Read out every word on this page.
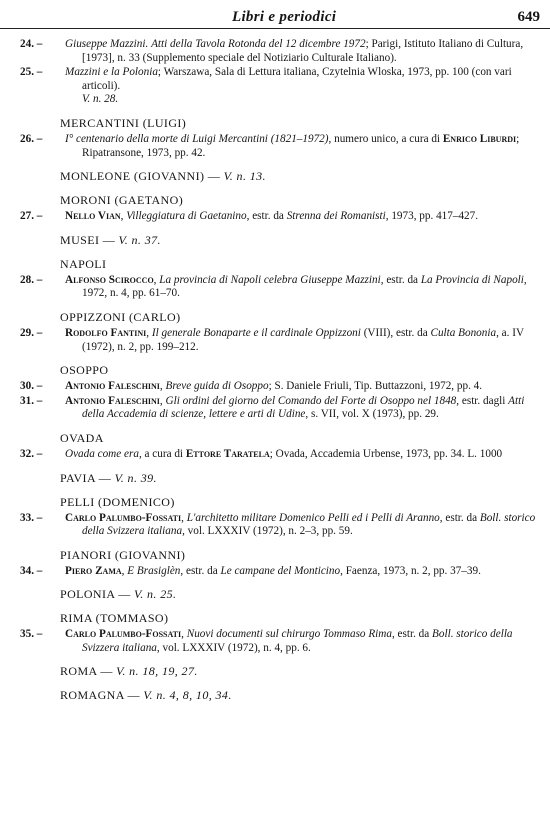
Libri e periodici	649
24. –	Giuseppe Mazzini. Atti della Tavola Rotonda del 12 dicembre 1972; Parigi, Istituto Italiano di Cultura, [1973], n. 33 (Supplemento speciale del Notiziario Culturale Italiano).
25. –	Mazzini e la Polonia; Warszawa, Sala di Lettura italiana, Czytelnia Wloska, 1973, pp. 100 (con vari articoli).
V. n. 28.
MERCANTINI (LUIGI)
26. –	I° centenario della morte di Luigi Mercantini (1821–1972), numero unico, a cura di Enrico Liburdi; Ripatransone, 1973, pp. 42.
MONLEONE (GIOVANNI) — V. n. 13.
MORONI (GAETANO)
27. –	Nello Vian, Villeggiatura di Gaetanino, estr. da Strenna dei Romanisti, 1973, pp. 417–427.
MUSEI — V. n. 37.
NAPOLI
28. –	Alfonso Scirocco, La provincia di Napoli celebra Giuseppe Mazzini, estr. da La Provincia di Napoli, 1972, n. 4, pp. 61–70.
OPPIZZONI (CARLO)
29. –	Rodolfo Fantini, Il generale Bonaparte e il cardinale Oppizzoni (VIII), estr. da Culta Bononia, a. IV (1972), n. 2, pp. 199–212.
OSOPPO
30. –	Antonio Faleschini, Breve guida di Osoppo; S. Daniele Friuli, Tip. Buttazzoni, 1972, pp. 4.
31. –	Antonio Faleschini, Gli ordini del giorno del Comando del Forte di Osoppo nel 1848, estr. dagli Atti della Accademia di scienze, lettere e arti di Udine, s. VII, vol. X (1973), pp. 29.
OVADA
32. –	Ovada come era, a cura di Ettore Taratela; Ovada, Accademia Urbense, 1973, pp. 34. L. 1000
PAVIA — V. n. 39.
PELLI (DOMENICO)
33. –	Carlo Palumbo-Fossati, L'architetto militare Domenico Pelli ed i Pelli di Aranno, estr. da Boll. storico della Svizzera italiana, vol. LXXXIV (1972), n. 2–3, pp. 59.
PIANORI (GIOVANNI)
34. –	Piero Zama, E Brasiglèn, estr. da Le campane del Monticino, Faenza, 1973, n. 2, pp. 37–39.
POLONIA — V. n. 25.
RIMA (TOMMASO)
35. –	Carlo Palumbo-Fossati, Nuovi documenti sul chirurgo Tommaso Rima, estr. da Boll. storico della Svizzera italiana, vol. LXXXIV (1972), n. 4, pp. 6.
ROMA — V. n. 18, 19, 27.
ROMAGNA — V. n. 4, 8, 10, 34.
